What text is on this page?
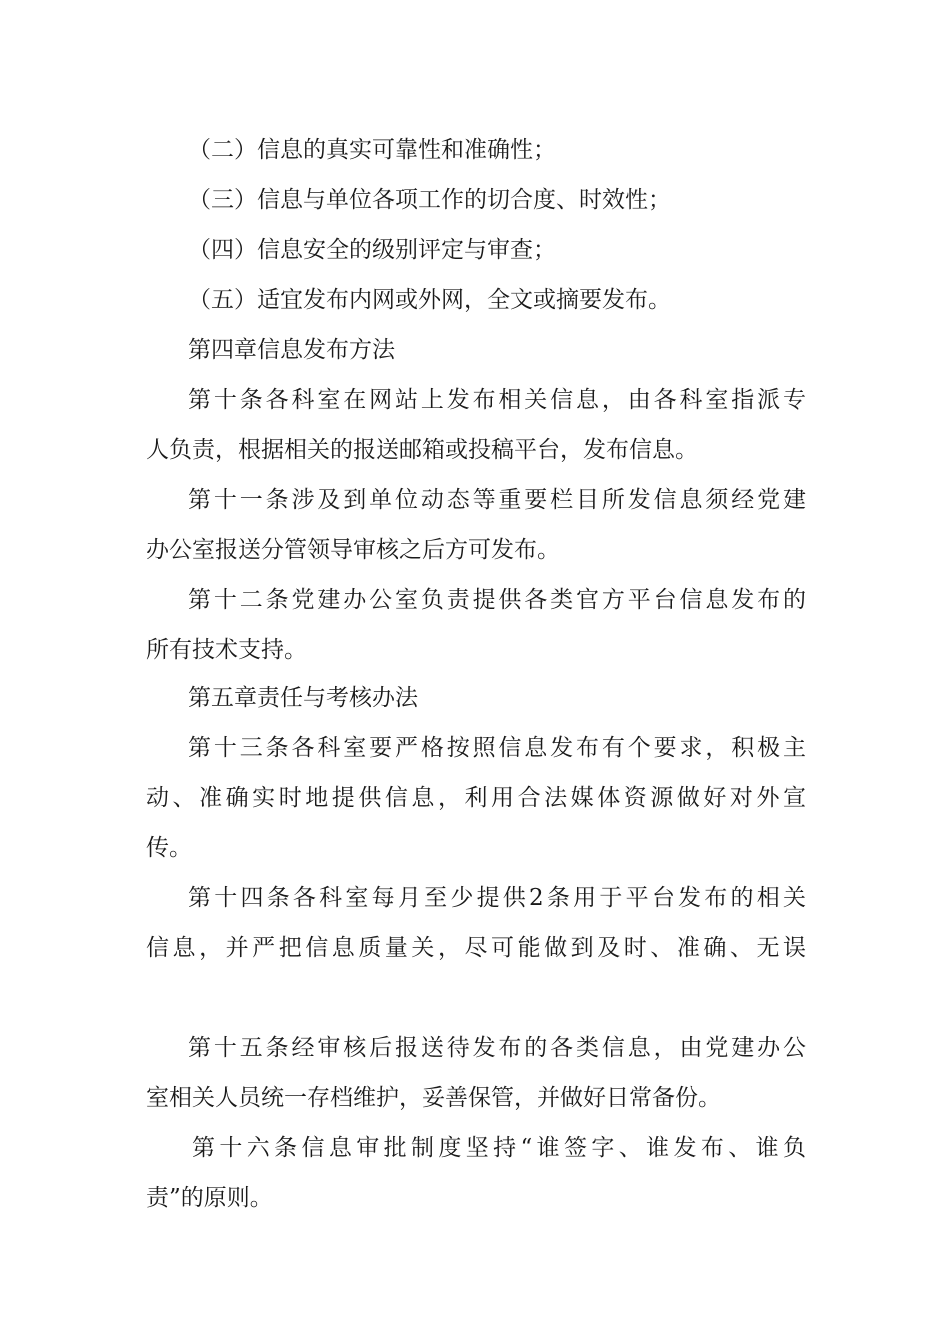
（二）信息的真实可靠性和准确性；
（三）信息与单位各项工作的切合度、时效性；
（四）信息安全的级别评定与审查；
（五）适宜发布内网或外网，全文或摘要发布。
第四章信息发布方法
第十条各科室在网站上发布相关信息，由各科室指派专
人负责，根据相关的报送邮箱或投稿平台，发布信息。
第十一条涉及到单位动态等重要栏目所发信息须经党建
办公室报送分管领导审核之后方可发布。
第十二条党建办公室负责提供各类官方平台信息发布的
所有技术支持。
第五章责任与考核办法
第十三条各科室要严格按照信息发布有个要求，积极主
动、准确实时地提供信息，利用合法媒体资源做好对外宣
传。
第十四条各科室每月至少提供2条用于平台发布的相关
信息，并严把信息质量关，尽可能做到及时、准确、无误
第十五条经审核后报送待发布的各类信息，由党建办公
室相关人员统一存档维护，妥善保管，并做好日常备份。
第十六条信息审批制度坚持“谁签字、谁发布、谁负
责”的原则。
